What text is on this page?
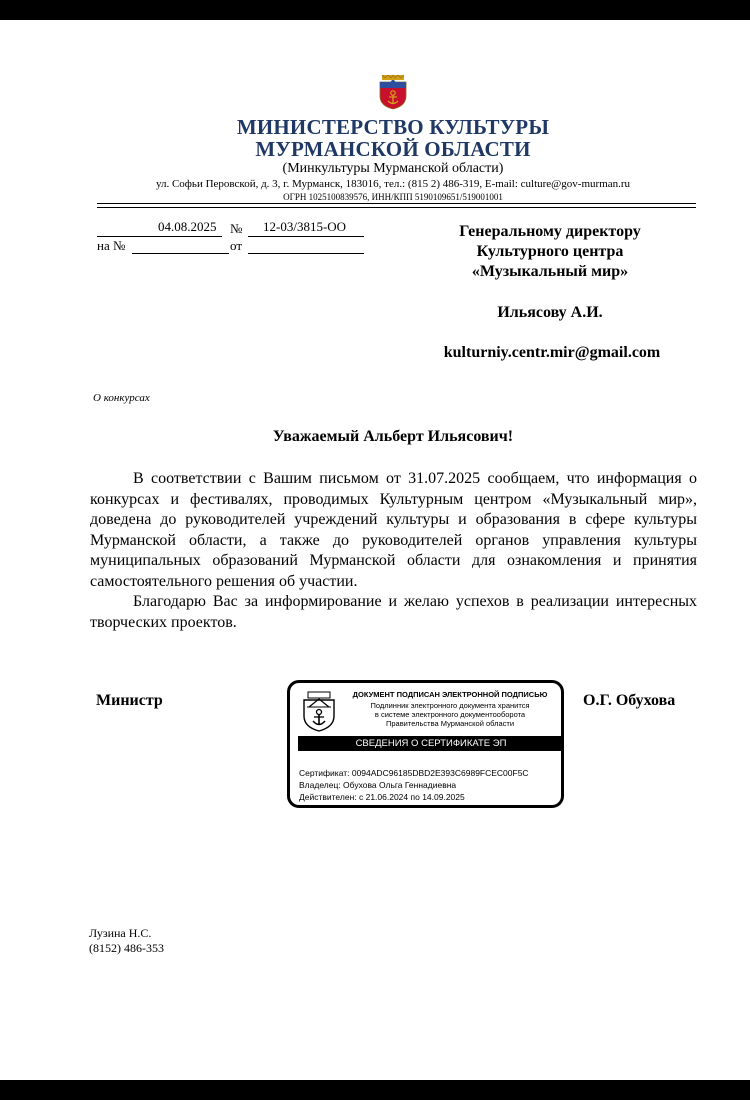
МИНИСТЕРСТВО КУЛЬТУРЫ
МУРМАНСКОЙ ОБЛАСТИ
(Минкультуры Мурманской области)
ул. Софьи Перовской, д. 3, г. Мурманск, 183016, тел.: (815 2) 486-319, E-mail: culture@gov-murman.ru
ОГРН 1025100839576, ИНН/КПП 5190109651/519001001
04.08.2025 № 12-03/3815-ОО
на №	от
Генеральному директору
Культурного центра
«Музыкальный мир»
Ильясову А.И.
kulturniy.centr.mir@gmail.com
О конкурсах
Уважаемый Альберт Ильясович!

В соответствии с Вашим письмом от 31.07.2025 сообщаем, что информация о конкурсах и фестивалях, проводимых Культурным центром «Музыкальный мир», доведена до руководителей учреждений культуры и образования в сфере культуры Мурманской области, а также до руководителей органов управления культуры муниципальных образований Мурманской области для ознакомления и принятия самостоятельного решения об участии.

Благодарю Вас за информирование и желаю успехов в реализации интересных творческих проектов.

Министр	О.Г. Обухова
ДОКУМЕНТ ПОДПИСАН ЭЛЕКТРОННОЙ ПОДПИСЬЮ
Подлинник электронного документа хранится
в системе электронного документооборота
Правительства Мурманской области
СВЕДЕНИЯ О СЕРТИФИКАТЕ ЭП
Сертификат: 0094ADC96185DBD2E393C6989FCEC00F5C
Владелец: Обухова Ольга Геннадиевна
Действителен: с 21.06.2024 по 14.09.2025
Лузина Н.С.
(8152) 486-353
